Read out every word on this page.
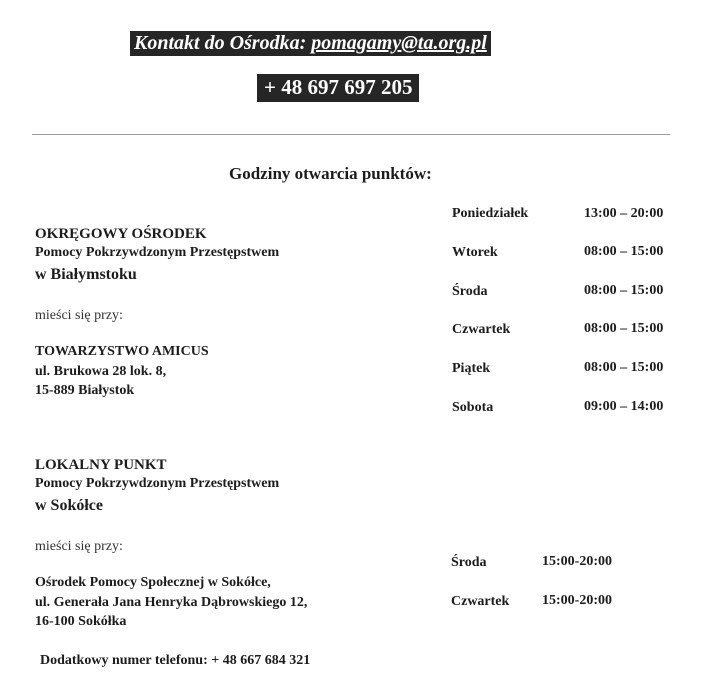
Kontakt do Ośrodka: pomagamy@ta.org.pl
+ 48 697 697 205
Godziny otwarcia punktów:
OKRĘGOWY OŚRODEK
Pomocy Pokrzywdzonym Przestępstwem
w Białymstoku
mieści się przy:
TOWARZYSTWO AMICUS
ul. Brukowa 28 lok. 8,
15-889 Białystok
Poniedziałek	13:00 – 20:00
Wtorek	08:00 – 15:00
Środa	08:00 – 15:00
Czwartek	08:00 – 15:00
Piątek	08:00 – 15:00
Sobota	09:00 – 14:00
LOKALNY PUNKT
Pomocy Pokrzywdzonym Przestępstwem
w Sokółce
mieści się przy:
Ośrodek Pomocy Społecznej w Sokółce,
ul. Generała Jana Henryka Dąbrowskiego 12,
16-100 Sokółka
Dodatkowy numer telefonu: + 48 667 684 321
Środa	15:00-20:00
Czwartek 15:00-20:00
